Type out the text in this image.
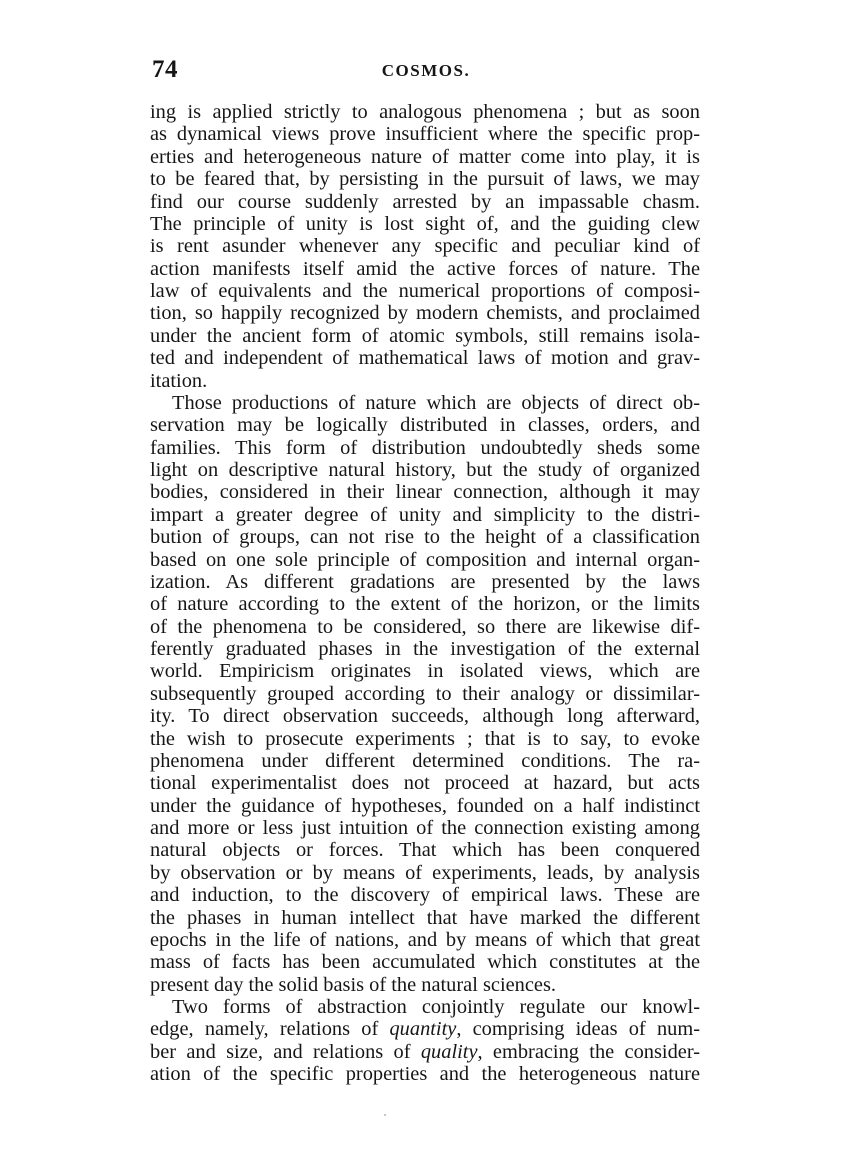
74	COSMOS.
ing is applied strictly to analogous phenomena ; but as soon
as dynamical views prove insufficient where the specific prop-
erties and heterogeneous nature of matter come into play, it is
to be feared that, by persisting in the pursuit of laws, we may
find our course suddenly arrested by an impassable chasm.
The principle of unity is lost sight of, and the guiding clew
is rent asunder whenever any specific and peculiar kind of
action manifests itself amid the active forces of nature. The
law of equivalents and the numerical proportions of composi-
tion, so happily recognized by modern chemists, and proclaimed
under the ancient form of atomic symbols, still remains isola-
ted and independent of mathematical laws of motion and grav-
itation.
Those productions of nature which are objects of direct ob-
servation may be logically distributed in classes, orders, and
families. This form of distribution undoubtedly sheds some
light on descriptive natural history, but the study of organized
bodies, considered in their linear connection, although it may
impart a greater degree of unity and simplicity to the distri-
bution of groups, can not rise to the height of a classification
based on one sole principle of composition and internal organ-
ization. As different gradations are presented by the laws
of nature according to the extent of the horizon, or the limits
of the phenomena to be considered, so there are likewise dif-
ferently graduated phases in the investigation of the external
world. Empiricism originates in isolated views, which are
subsequently grouped according to their analogy or dissimilar-
ity. To direct observation succeeds, although long afterward,
the wish to prosecute experiments ; that is to say, to evoke
phenomena under different determined conditions. The ra-
tional experimentalist does not proceed at hazard, but acts
under the guidance of hypotheses, founded on a half indistinct
and more or less just intuition of the connection existing among
natural objects or forces. That which has been conquered
by observation or by means of experiments, leads, by analysis
and induction, to the discovery of empirical laws. These are
the phases in human intellect that have marked the different
epochs in the life of nations, and by means of which that great
mass of facts has been accumulated which constitutes at the
present day the solid basis of the natural sciences.
Two forms of abstraction conjointly regulate our knowl-
edge, namely, relations of quantity, comprising ideas of num-
ber and size, and relations of quality, embracing the consider-
ation of the specific properties and the heterogeneous nature
